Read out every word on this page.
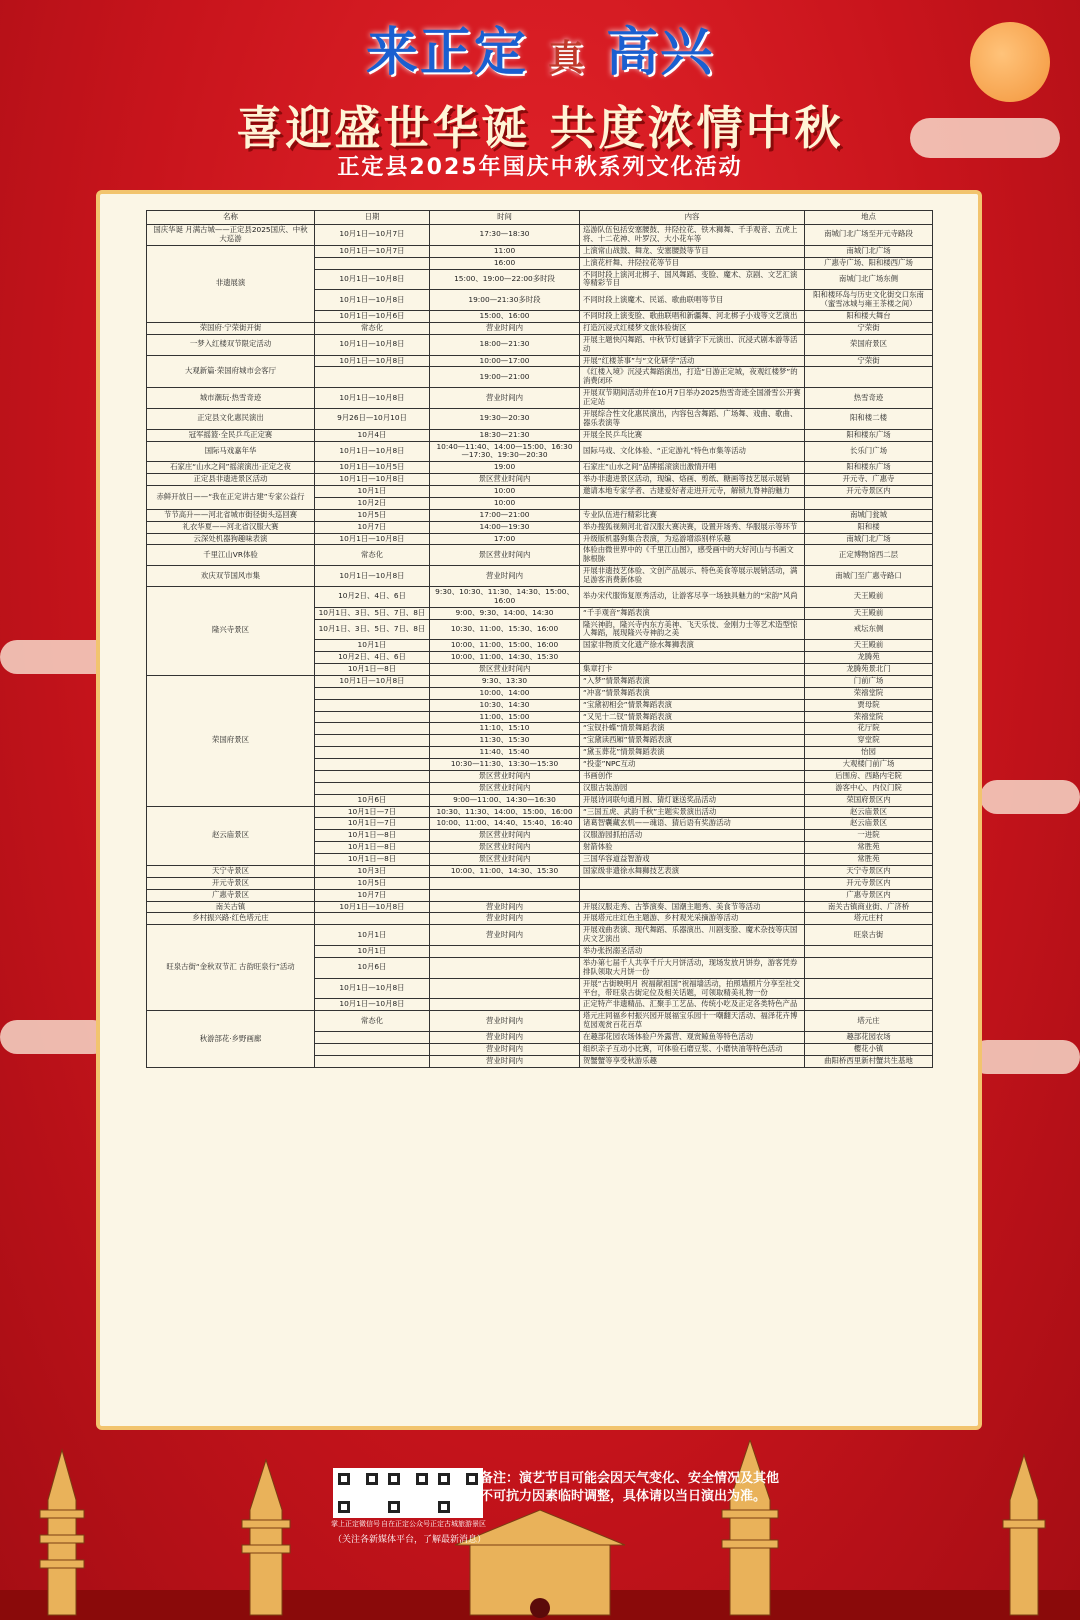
来正定 真 高兴
喜迎盛世华诞 共度浓情中秋
正定县2025年国庆中秋系列文化活动
名称	日期	时间	内容	地点
国庆华诞 月满古城——正定县2025国庆、中秋大巡游	10月1日—10月7日	17:30—18:30	巡游队伍包括安塞腰鼓、井陉拉花、铁木狮舞、千手观音、五虎上将、十二花神、叶罗汉、大小花车等	南城门北广场至开元寺路段
非遗展演	10月1日—10月7日	11:00	上演常山战鼓、舞龙、安塞腰鼓等节目	南城门北广场
		16:00	上演花杆舞、井陉拉花等节目	广惠寺广场、阳和楼西广场
	10月1日—10月8日	15:00、19:00—22:00多时段	不同时段上演河北梆子、国风舞蹈、变脸、魔术、京剧、文艺汇演等精彩节目	南城门北广场东侧
	10月1日—10月8日	19:00—21:30多时段	不同时段上演魔术、民谣、歌曲联唱等节目	阳和楼环岛与历史文化街交口东南（蜜雪冰城与雍王茶楼之间）
	10月1日—10月6日	15:00、16:00	不同时段上演变脸、歌曲联唱和新疆舞、河北梆子小戏等文艺演出	阳和楼大舞台
荣国府·宁荣街开街	常态化	营业时间内	打造沉浸式红楼梦文旅体验街区	宁荣街
一梦入红楼双节限定活动	10月1日—10月8日	18:00—21:30	开展主题快闪舞蹈、中秋节灯谜猜字下元演出、沉浸式剧本游等活动	荣国府景区
大观新篇·荣国府城市会客厅	10月1日—10月8日	10:00—17:00	开展“红楼茶事”与“文化研学”活动	宁荣街
		19:00—21:00	《红楼入境》沉浸式舞蹈演出，打造“日游正定城，夜观红楼梦”的消费闭环	
城市潮玩·热雪奇迹	10月1日—10月8日	营业时间内	开展双节期间活动并在10月7日举办2025热雪奇迹全国滑雪公开赛正定站	热雪奇迹
正定县文化惠民演出	9月26日—10月10日	19:30—20:30	开展综合性文化惠民演出，内容包含舞蹈、广场舞、戏曲、歌曲、器乐表演等	阳和楼二楼
冠军摇篮·全民乒乓正定赛	10月4日	18:30—21:30	开展全民乒乓比赛	阳和楼东广场
国际马戏嘉年华	10月1日—10月8日	10:40—11:40、14:00—15:00、16:30—17:30、19:30—20:30	国际马戏、文化体验、“正定游礼”特色市集等活动	长乐门广场
石家庄“山水之间”摇滚演出·正定之夜	10月1日—10月5日	19:00	石家庄“山水之间”品牌摇滚演出激情开唱	阳和楼东广场
正定县非遗进景区活动	10月1日—10月8日	景区营业时间内	举办非遗进景区活动，现编、烙画、剪纸、糖画等技艺展示展销	开元寺、广惠寺
赤鲜开放日——“我在正定讲古建”专家公益行	10月1日	10:00	邀请本地专家学者、古建爱好者走进开元寺，解锁九脊神韵魅力	开元寺景区内
	10月2日	10:00		
节节高升——河北省城市街径街头巡回赛	10月5日	17:00—21:00	专业队伍进行精彩比赛	南城门瓮城
礼衣华夏——河北省汉服大赛	10月7日	14:00—19:30	举办搜狐视频河北省汉服大赛决赛，设置开场秀、华服展示等环节	阳和楼
云深处机器狗趣味表演	10月1日—10月8日	17:00	升级版机器狗集合表演，为巡游增添别样乐趣	南城门北广场
千里江山VR体验	常态化	景区营业时间内	体验由微世界中的《千里江山图》，感受画中的大好河山与书画文脉根脉	正定博物馆西二层
欢庆双节国风市集	10月1日—10月8日	营业时间内	开展非遗技艺体验、文创产品展示、特色美食等展示展销活动，满足游客消费新体验	南城门至广惠寺路口
隆兴寺景区	10月2日、4日、6日	9:30、10:30、11:30、14:30、15:00、16:00	举办宋代服饰复原秀活动，让游客尽享一场独具魅力的“宋韵”风尚	天王殿前
	10月1日、3日、5日、7日、8日	9:00、9:30、14:00、14:30	“千手观音”舞蹈表演	天王殿前
	10月1日、3日、5日、7日、8日	10:30、11:00、15:30、16:00	隆兴神韵，隆兴寺内东方美神、飞天乐伎、金刚力士等艺术造型惊人舞蹈，展现隆兴寺神韵之美	戒坛东侧
	10月1日	10:00、11:00、15:00、16:00	国家非物质文化遗产徐水舞狮表演	天王殿前
	10月2日、4日、6日	10:00、11:00、14:30、15:30		龙腾苑
	10月1日—8日	景区营业时间内	集章打卡	龙腾苑景北门
荣国府景区	10月1日—10月8日	9:30、13:30	“入梦”情景舞蹈表演	门前广场
		10:00、14:00	“冲喜”情景舞蹈表演	荣禧堂院
		10:30、14:30	“宝黛初相会”情景舞蹈表演	贾母院
		11:00、15:00	“又见十二钗”情景舞蹈表演	荣禧堂院
		11:10、15:10	“宝钗扑蝶”情景舞蹈表演	花厅院
		11:30、15:30	“宝黛读西厢”情景舞蹈表演	穿堂院
		11:40、15:40	“黛玉葬花”情景舞蹈表演	怡园
		10:30—11:30、13:30—15:30	“投壶”NPC互动	大观楼门前广场
		景区营业时间内	书画创作	后围房、西路内宅院
		景区营业时间内	汉服古装游园	游客中心、内仪门院
	10月6日	9:00—11:00、14:30—16:30	开展诗词联句通月圆、猜灯谜送奖品活动	荣国府景区内
赵云庙景区	10月1日—7日	10:30、11:30、14:00、15:00、16:00	“三国五虎、武韵千秋”主题实景演出活动	赵云庙景区
	10月1日—7日	10:00、11:00、14:40、15:40、16:40	诸葛智囊藏玄机——魂语、猜后语有奖游活动	赵云庙景区
	10月1日—8日	景区营业时间内	汉服游园抓拍活动	一进院
	10月1日—8日	景区营业时间内	射箭体验	常胜苑
	10月1日—8日	景区营业时间内	三国华容道益智游戏	常胜苑
天宁寺景区	10月3日	10:00、11:00、14:30、15:30	国家级非遗徐水舞狮技艺表演	天宁寺景区内
开元寺景区	10月5日			开元寺景区内
广惠寺景区	10月7日			广惠寺景区内
南关古镇	10月1日—10月8日	营业时间内	开展汉服走秀、古筝演奏、国潮主题秀、美食节等活动	南关古镇商业街、广济桥
乡村振兴路·红色塔元庄		营业时间内	开展塔元庄红色主题游、乡村观光采摘游等活动	塔元庄村
旺泉古街“金秋双节汇 古韵旺泉行”活动	10月1日	营业时间内	开展戏曲表演、现代舞蹈、乐器演出、川剧变脸、魔术杂技等庆国庆文艺演出	旺泉古街
	10月1日		举办张拐溺圣活动	
	10月6日		举办第七届千人共享千斤大月饼活动，现场发放月饼券，游客凭券排队领取大月饼一份	
	10月1日—10月8日		开展“古街映明月 祝福献祖国”祝福墙活动，拍照墙照片分享至社交平台，带旺泉古街定位及相关话题，可领取精美礼物一份	
	10月1日—10月8日		正定特产非遗精品、汇聚手工艺品、传统小吃及正定各类特色产品	
秋游部花·乡野画廊	常态化	营业时间内	塔元庄同福乡村振兴园开展福宝乐园十一嘲翻天活动、福泽花卉博览园观赏百花百草	塔元庄
		营业时间内	在趣部花园农场体验户外露营、观赏鲸鱼等特色活动	趣部花园农场
		营业时间内	组织亲子互动小比赛，可体验石磨豆浆、小磨快油等特色活动	樱花小镇
		营业时间内	贺蟹蟹等享受秋游乐趣	曲阳桥西里新村蟹共生基地
掌上正定微信号 自在正定公众号 正定古城旅游景区
（关注各新媒体平台，了解最新消息）
备注：演艺节目可能会因天气变化、安全情况及其他不可抗力因素临时调整，具体请以当日演出为准。
